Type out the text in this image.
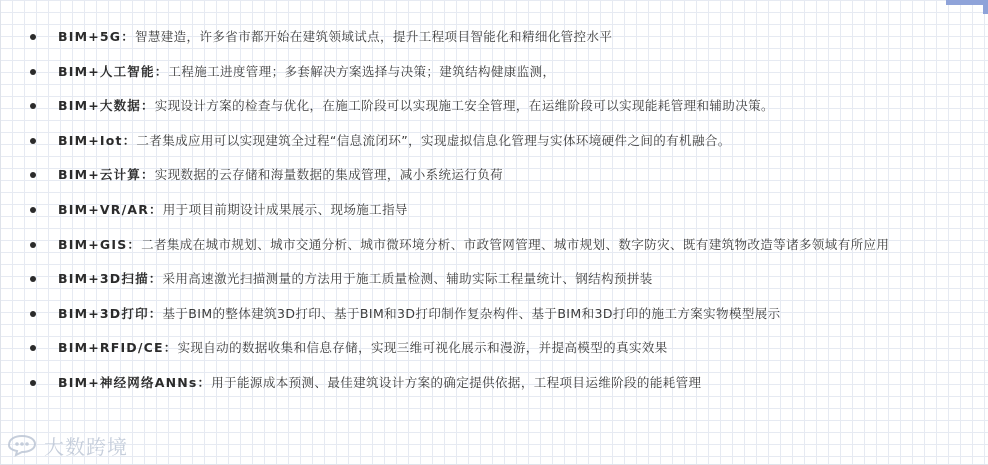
BIM+5G：智慧建造，许多省市都开始在建筑领域试点，提升工程项目智能化和精细化管控水平
BIM+人工智能：工程施工进度管理；多套解决方案选择与决策；建筑结构健康监测，
BIM+大数据：实现设计方案的检查与优化，在施工阶段可以实现施工安全管理，在运维阶段可以实现能耗管理和辅助决策。
BIM+Iot：二者集成应用可以实现建筑全过程“信息流闭环”，实现虚拟信息化管理与实体环境硬件之间的有机融合。
BIM+云计算：实现数据的云存储和海量数据的集成管理，减小系统运行负荷
BIM+VR/AR：用于项目前期设计成果展示、现场施工指导
BIM+GIS：二者集成在城市规划、城市交通分析、城市微环境分析、市政管网管理、城市规划、数字防灾、既有建筑物改造等诸多领域有所应用
BIM+3D扫描：采用高速激光扫描测量的方法用于施工质量检测、辅助实际工程量统计、钢结构预拼装
BIM+3D打印：基于BIM的整体建筑3D打印、基于BIM和3D打印制作复杂构件、基于BIM和3D打印的施工方案实物模型展示
BIM+RFID/CE：实现自动的数据收集和信息存储，实现三维可视化展示和漫游，并提高模型的真实效果
BIM+神经网络ANNs：用于能源成本预测、最佳建筑设计方案的确定提供依据，工程项目运维阶段的能耗管理
大数跨境
